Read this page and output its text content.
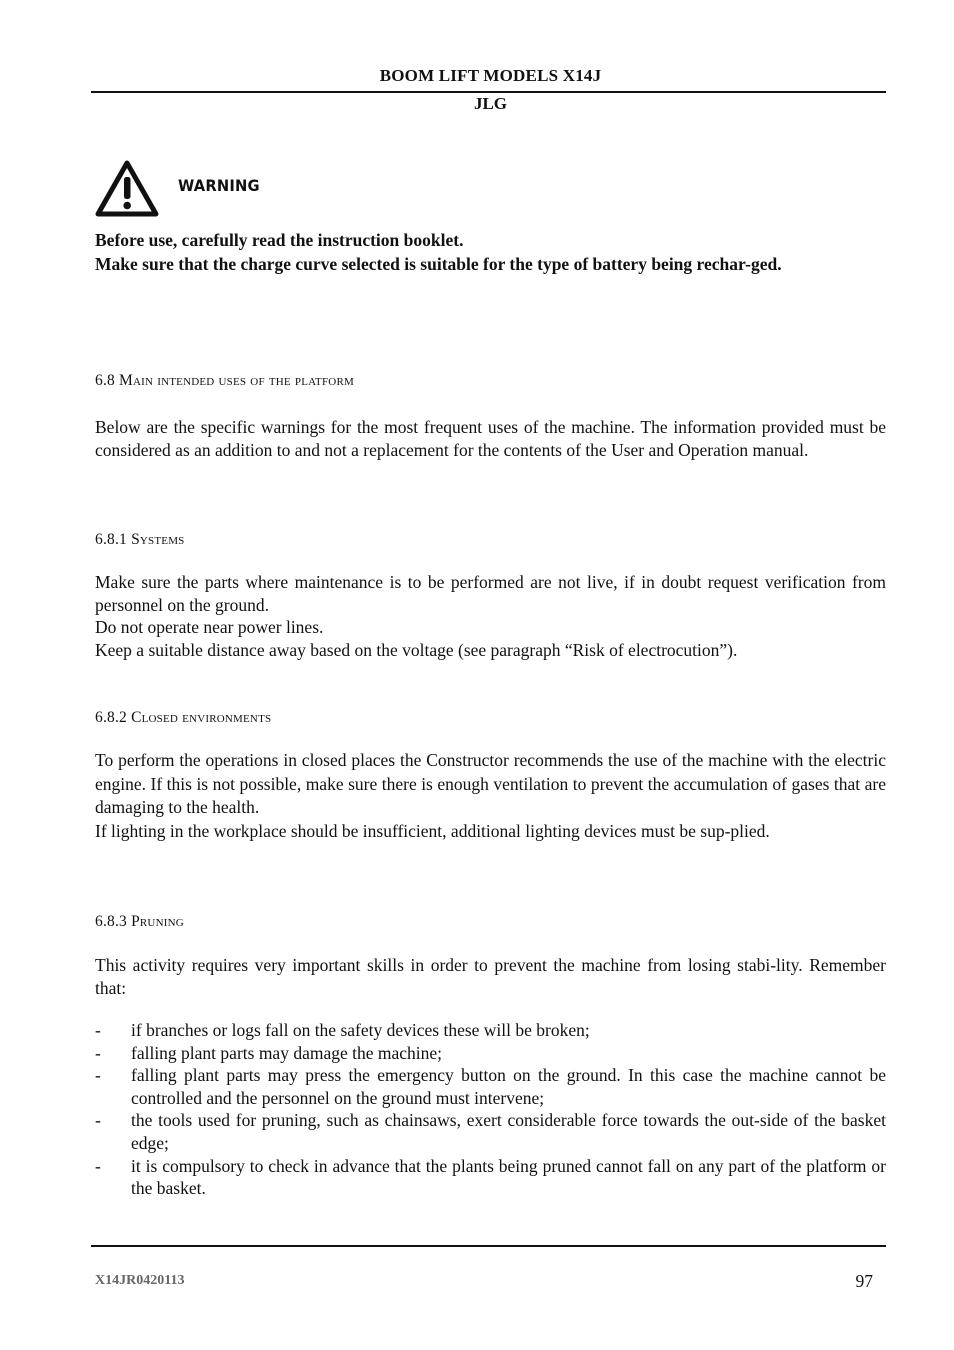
BOOM LIFT MODELS X14J
JLG
WARNING

Before use, carefully read the instruction booklet.

Make sure that the charge curve selected is suitable for the type of battery being rechar-ged.

6.8 Main intended uses of the platform

Below are the specific warnings for the most frequent uses of the machine. The information provided must be considered as an addition to and not a replacement for the contents of the User and Operation manual.

6.8.1 Systems

Make sure the parts where maintenance is to be performed are not live, if in doubt request verification from personnel on the ground.

Do not operate near power lines.

Keep a suitable distance away based on the voltage (see paragraph “Risk of electrocution”).

6.8.2 Closed environments

To perform the operations in closed places the Constructor recommends the use of the machine with the electric engine. If this is not possible, make sure there is enough ventilation to prevent the accumulation of gases that are damaging to the health.

If lighting in the workplace should be insufficient, additional lighting devices must be sup-plied.

6.8.3 Pruning

This activity requires very important skills in order to prevent the machine from losing stabi-lity. Remember that:

- if branches or logs fall on the safety devices these will be broken;
- falling plant parts may damage the machine;
- falling plant parts may press the emergency button on the ground. In this case the machine cannot be controlled and the personnel on the ground must intervene;
- the tools used for pruning, such as chainsaws, exert considerable force towards the out-side of the basket edge;
- it is compulsory to check in advance that the plants being pruned cannot fall on any part of the platform or the basket.
X14JR0420113	97
